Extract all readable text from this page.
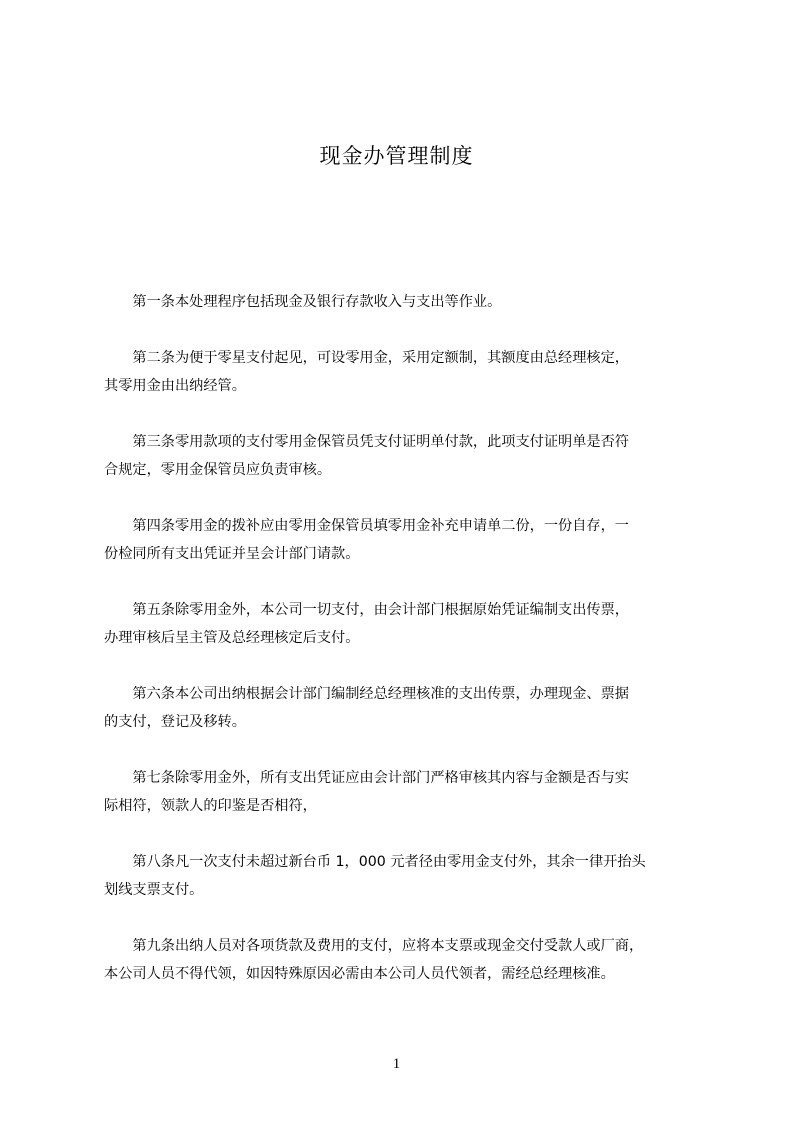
现金办管理制度
第一条本处理程序包括现金及银行存款收入与支出等作业。
第二条为便于零星支付起见，可设零用金，采用定额制，其额度由总经理核定，
其零用金由出纳经管。
第三条零用款项的支付零用金保管员凭支付证明单付款，此项支付证明单是否符
合规定，零用金保管员应负责审核。
第四条零用金的拨补应由零用金保管员填零用金补充申请单二份，一份自存，一
份检同所有支出凭证并呈会计部门请款。
第五条除零用金外，本公司一切支付，由会计部门根据原始凭证编制支出传票，
办理审核后呈主管及总经理核定后支付。
第六条本公司出纳根据会计部门编制经总经理核准的支出传票，办理现金、票据
的支付，登记及移转。
第七条除零用金外，所有支出凭证应由会计部门严格审核其内容与金额是否与实
际相符，领款人的印鉴是否相符，
第八条凡一次支付未超过新台币 1，000 元者径由零用金支付外，其余一律开抬头
划线支票支付。
第九条出纳人员对各项货款及费用的支付，应将本支票或现金交付受款人或厂商，
本公司人员不得代领，如因特殊原因必需由本公司人员代领者，需经总经理核准。
1
